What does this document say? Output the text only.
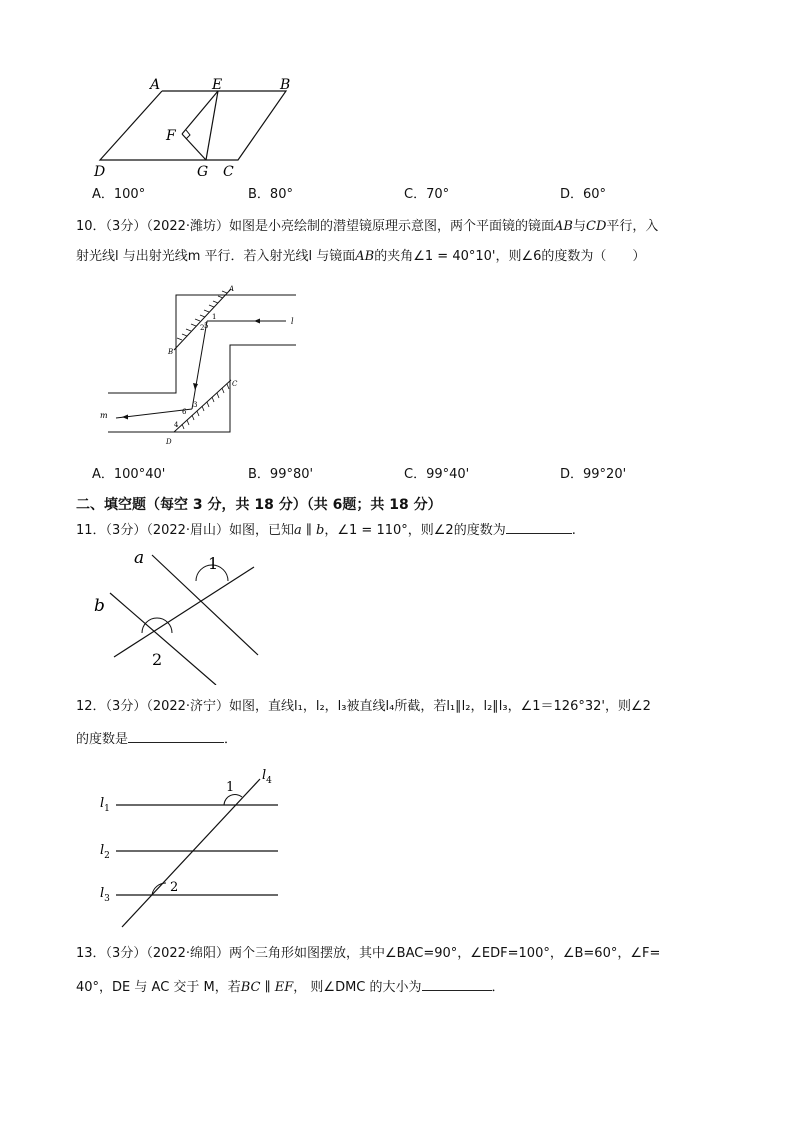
A	E	B
F
D	G C
A．100°	B．80°	C．70°	D．60°
10．（3分）（2022·潍坊）如图是小亮绘制的潜望镜原理示意图，两个平面镜的镜面AB与CD平行，入
射光线l 与出射光线m 平行．若入射光线l 与镜面AB的夹角∠1 = 40°10'，则∠6的度数为（　　）
A
B
C
D
l
m
1
2
3
4
5
6
A．100°40'	B．99°80'	C．99°40'	D．99°20'
二、填空题（每空 3 分，共 18 分）（共 6题；共 18 分）
11．（3分）（2022·眉山）如图，已知a ∥ b，∠1 = 110°，则∠2的度数为	.
a
b
1
2
12．（3分）（2022·济宁）如图，直线l₁，l₂，l₃被直线l₄所截，若l₁∥l₂，l₂∥l₃，∠1＝126°32'，则∠2
的度数是	．
$l_1$
$l_2$
$l_3$
$l_4$
1
2
13．（3分）（2022·绵阳）两个三角形如图摆放，其中∠BAC=90°，∠EDF=100°，∠B=60°，∠F=
40°，DE 与 AC 交于 M，若BC ∥ EF， 则∠DMC 的大小为	．
